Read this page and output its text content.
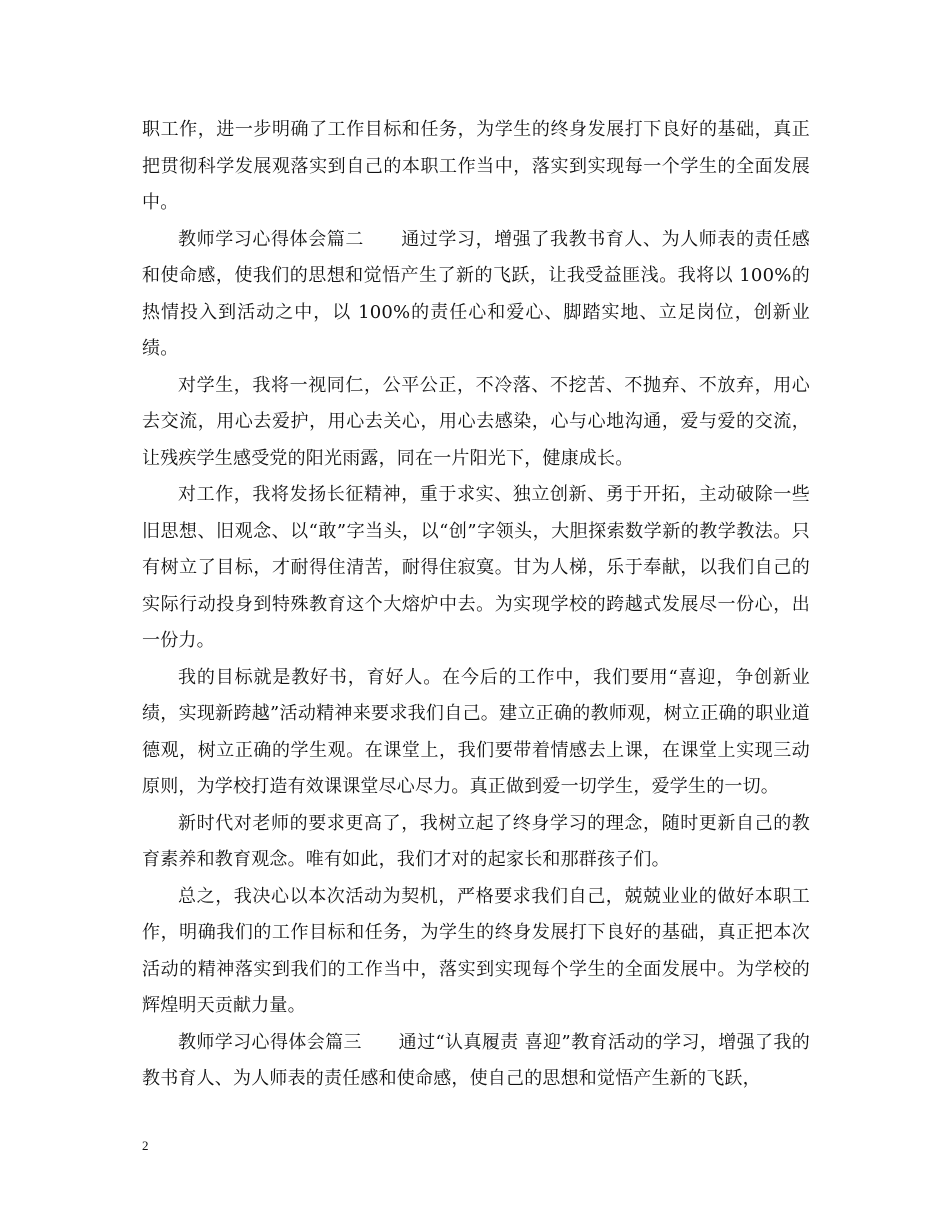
职工作，进一步明确了工作目标和任务，为学生的终身发展打下良好的基础，真正把贯彻科学发展观落实到自己的本职工作当中，落实到实现每一个学生的全面发展中。

教师学习心得体会篇二　　通过学习，增强了我教书育人、为人师表的责任感和使命感，使我们的思想和觉悟产生了新的飞跃，让我受益匪浅。我将以 100%的热情投入到活动之中，以 100%的责任心和爱心、脚踏实地、立足岗位，创新业绩。

对学生，我将一视同仁，公平公正，不冷落、不挖苦、不抛弃、不放弃，用心去交流，用心去爱护，用心去关心，用心去感染，心与心地沟通，爱与爱的交流，让残疾学生感受党的阳光雨露，同在一片阳光下，健康成长。

对工作，我将发扬长征精神，重于求实、独立创新、勇于开拓，主动破除一些旧思想、旧观念、以“敢”字当头，以“创”字领头，大胆探索数学新的教学教法。只有树立了目标，才耐得住清苦，耐得住寂寞。甘为人梯，乐于奉献，以我们自己的实际行动投身到特殊教育这个大熔炉中去。为实现学校的跨越式发展尽一份心，出一份力。

我的目标就是教好书，育好人。在今后的工作中，我们要用“喜迎，争创新业绩，实现新跨越”活动精神来要求我们自己。建立正确的教师观，树立正确的职业道德观，树立正确的学生观。在课堂上，我们要带着情感去上课，在课堂上实现三动原则，为学校打造有效课课堂尽心尽力。真正做到爱一切学生，爱学生的一切。

新时代对老师的要求更高了，我树立起了终身学习的理念，随时更新自己的教育素养和教育观念。唯有如此，我们才对的起家长和那群孩子们。

总之，我决心以本次活动为契机，严格要求我们自己，兢兢业业的做好本职工作，明确我们的工作目标和任务，为学生的终身发展打下良好的基础，真正把本次活动的精神落实到我们的工作当中，落实到实现每个学生的全面发展中。为学校的辉煌明天贡献力量。

教师学习心得体会篇三　　通过“认真履责 喜迎”教育活动的学习，增强了我的教书育人、为人师表的责任感和使命感，使自己的思想和觉悟产生新的飞跃，

2
